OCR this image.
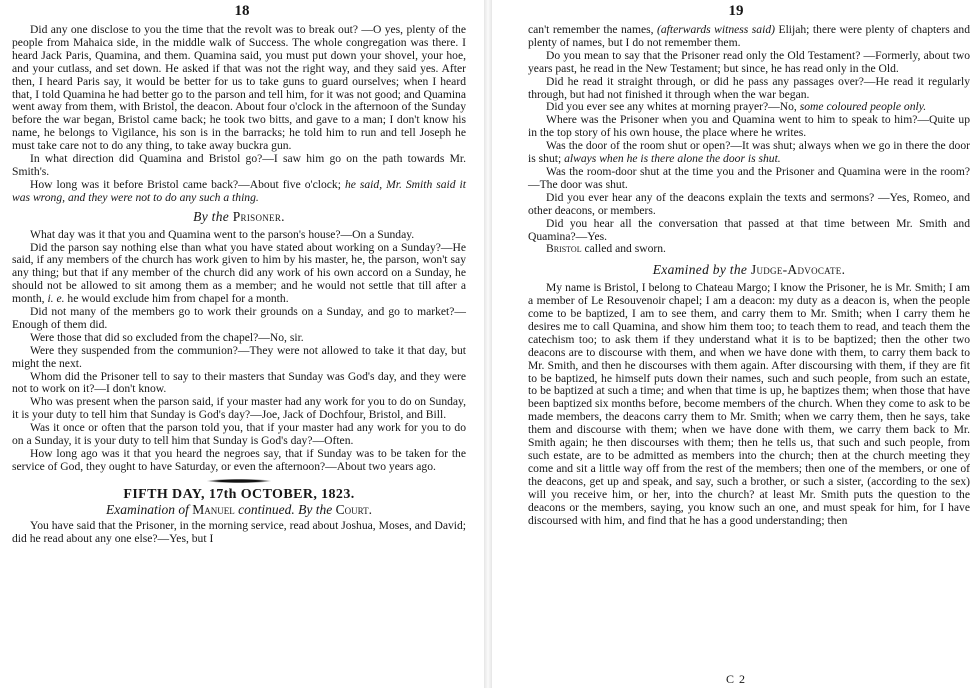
18

Did any one disclose to you the time that the revolt was to break out? —O yes, plenty of the people from Mahaica side, in the middle walk of Success. The whole congregation was there. I heard Jack Paris, Quamina, and them. Quamina said, you must put down your shovel, your hoe, and your cutlass, and set down. He asked if that was not the right way, and they said yes. After then, I heard Paris say, it would be better for us to take guns to guard ourselves; when I heard that, I told Quamina he had better go to the parson and tell him, for it was not good; and Quamina went away from them, with Bristol, the deacon. About four o'clock in the afternoon of the Sunday before the war began, Bristol came back; he took two bitts, and gave to a man; I don't know his name, he belongs to Vigilance, his son is in the barracks; he told him to run and tell Joseph he must take care not to do any thing, to take away buckra gun.

In what direction did Quamina and Bristol go?—I saw him go on the path towards Mr. Smith's.

How long was it before Bristol came back?—About five o'clock; he said, Mr. Smith said it was wrong, and they were not to do any such a thing.

By the Prisoner.

What day was it that you and Quamina went to the parson's house?—On a Sunday.

Did the parson say nothing else than what you have stated about working on a Sunday?—He said, if any members of the church has work given to him by his master, he, the parson, won't say any thing; but that if any member of the church did any work of his own accord on a Sunday, he should not be allowed to sit among them as a member; and he would not settle that till after a month, i. e. he would exclude him from chapel for a month.

Did not many of the members go to work their grounds on a Sunday, and go to market?—Enough of them did.

Were those that did so excluded from the chapel?—No, sir.

Were they suspended from the communion?—They were not allowed to take it that day, but might the next.

Whom did the Prisoner tell to say to their masters that Sunday was God's day, and they were not to work on it?—I don't know.

Who was present when the parson said, if your master had any work for you to do on Sunday, it is your duty to tell him that Sunday is God's day?—Joe, Jack of Dochfour, Bristol, and Bill.

Was it once or often that the parson told you, that if your master had any work for you to do on a Sunday, it is your duty to tell him that Sunday is God's day?—Often.

How long ago was it that you heard the negroes say, that if Sunday was to be taken for the service of God, they ought to have Saturday, or even the afternoon?—About two years ago.

FIFTH DAY, 17th OCTOBER, 1823.
Examination of Manuel continued. By the Court.

You have said that the Prisoner, in the morning service, read about Joshua, Moses, and David; did he read about any one else?—Yes, but I

19

can't remember the names, (afterwards witness said) Elijah; there were plenty of chapters and plenty of names, but I do not remember them.

Do you mean to say that the Prisoner read only the Old Testament? —Formerly, about two years past, he read in the New Testament; but since, he has read only in the Old.

Did he read it straight through, or did he pass any passages over?—He read it regularly through, but had not finished it through when the war began.

Did you ever see any whites at morning prayer?—No, some coloured people only.

Where was the Prisoner when you and Quamina went to him to speak to him?—Quite up in the top story of his own house, the place where he writes.

Was the door of the room shut or open?—It was shut; always when we go in there the door is shut; always when he is there alone the door is shut.

Was the room-door shut at the time you and the Prisoner and Quamina were in the room?—The door was shut.

Did you ever hear any of the deacons explain the texts and sermons? —Yes, Romeo, and other deacons, or members.

Did you hear all the conversation that passed at that time between Mr. Smith and Quamina?—Yes.

Bristol called and sworn.

Examined by the Judge-Advocate.

My name is Bristol, I belong to Chateau Margo; I know the Prisoner, he is Mr. Smith; I am a member of Le Resouvenoir chapel; I am a deacon: my duty as a deacon is, when the people come to be baptized, I am to see them, and carry them to Mr. Smith; when I carry them he desires me to call Quamina, and show him them too; to teach them to read, and teach them the catechism too; to ask them if they understand what it is to be baptized; then the other two deacons are to discourse with them, and when we have done with them, to carry them back to Mr. Smith, and then he discourses with them again. After discoursing with them, if they are fit to be baptized, he himself puts down their names, such and such people, from such an estate, to be baptized at such a time; and when that time is up, he baptizes them; when those that have been baptized six months before, become members of the church. When they come to ask to be made members, the deacons carry them to Mr. Smith; when we carry them, then he says, take them and discourse with them; when we have done with them, we carry them back to Mr. Smith again; he then discourses with them; then he tells us, that such and such people, from such estate, are to be admitted as members into the church; then at the church meeting they come and sit a little way off from the rest of the members; then one of the members, or one of the deacons, get up and speak, and say, such a brother, or such a sister, (according to the sex) will you receive him, or her, into the church? at least Mr. Smith puts the question to the deacons or the members, saying, you know such an one, and must speak for him, for I have discoursed with him, and find that he has a good understanding; then

C 2
